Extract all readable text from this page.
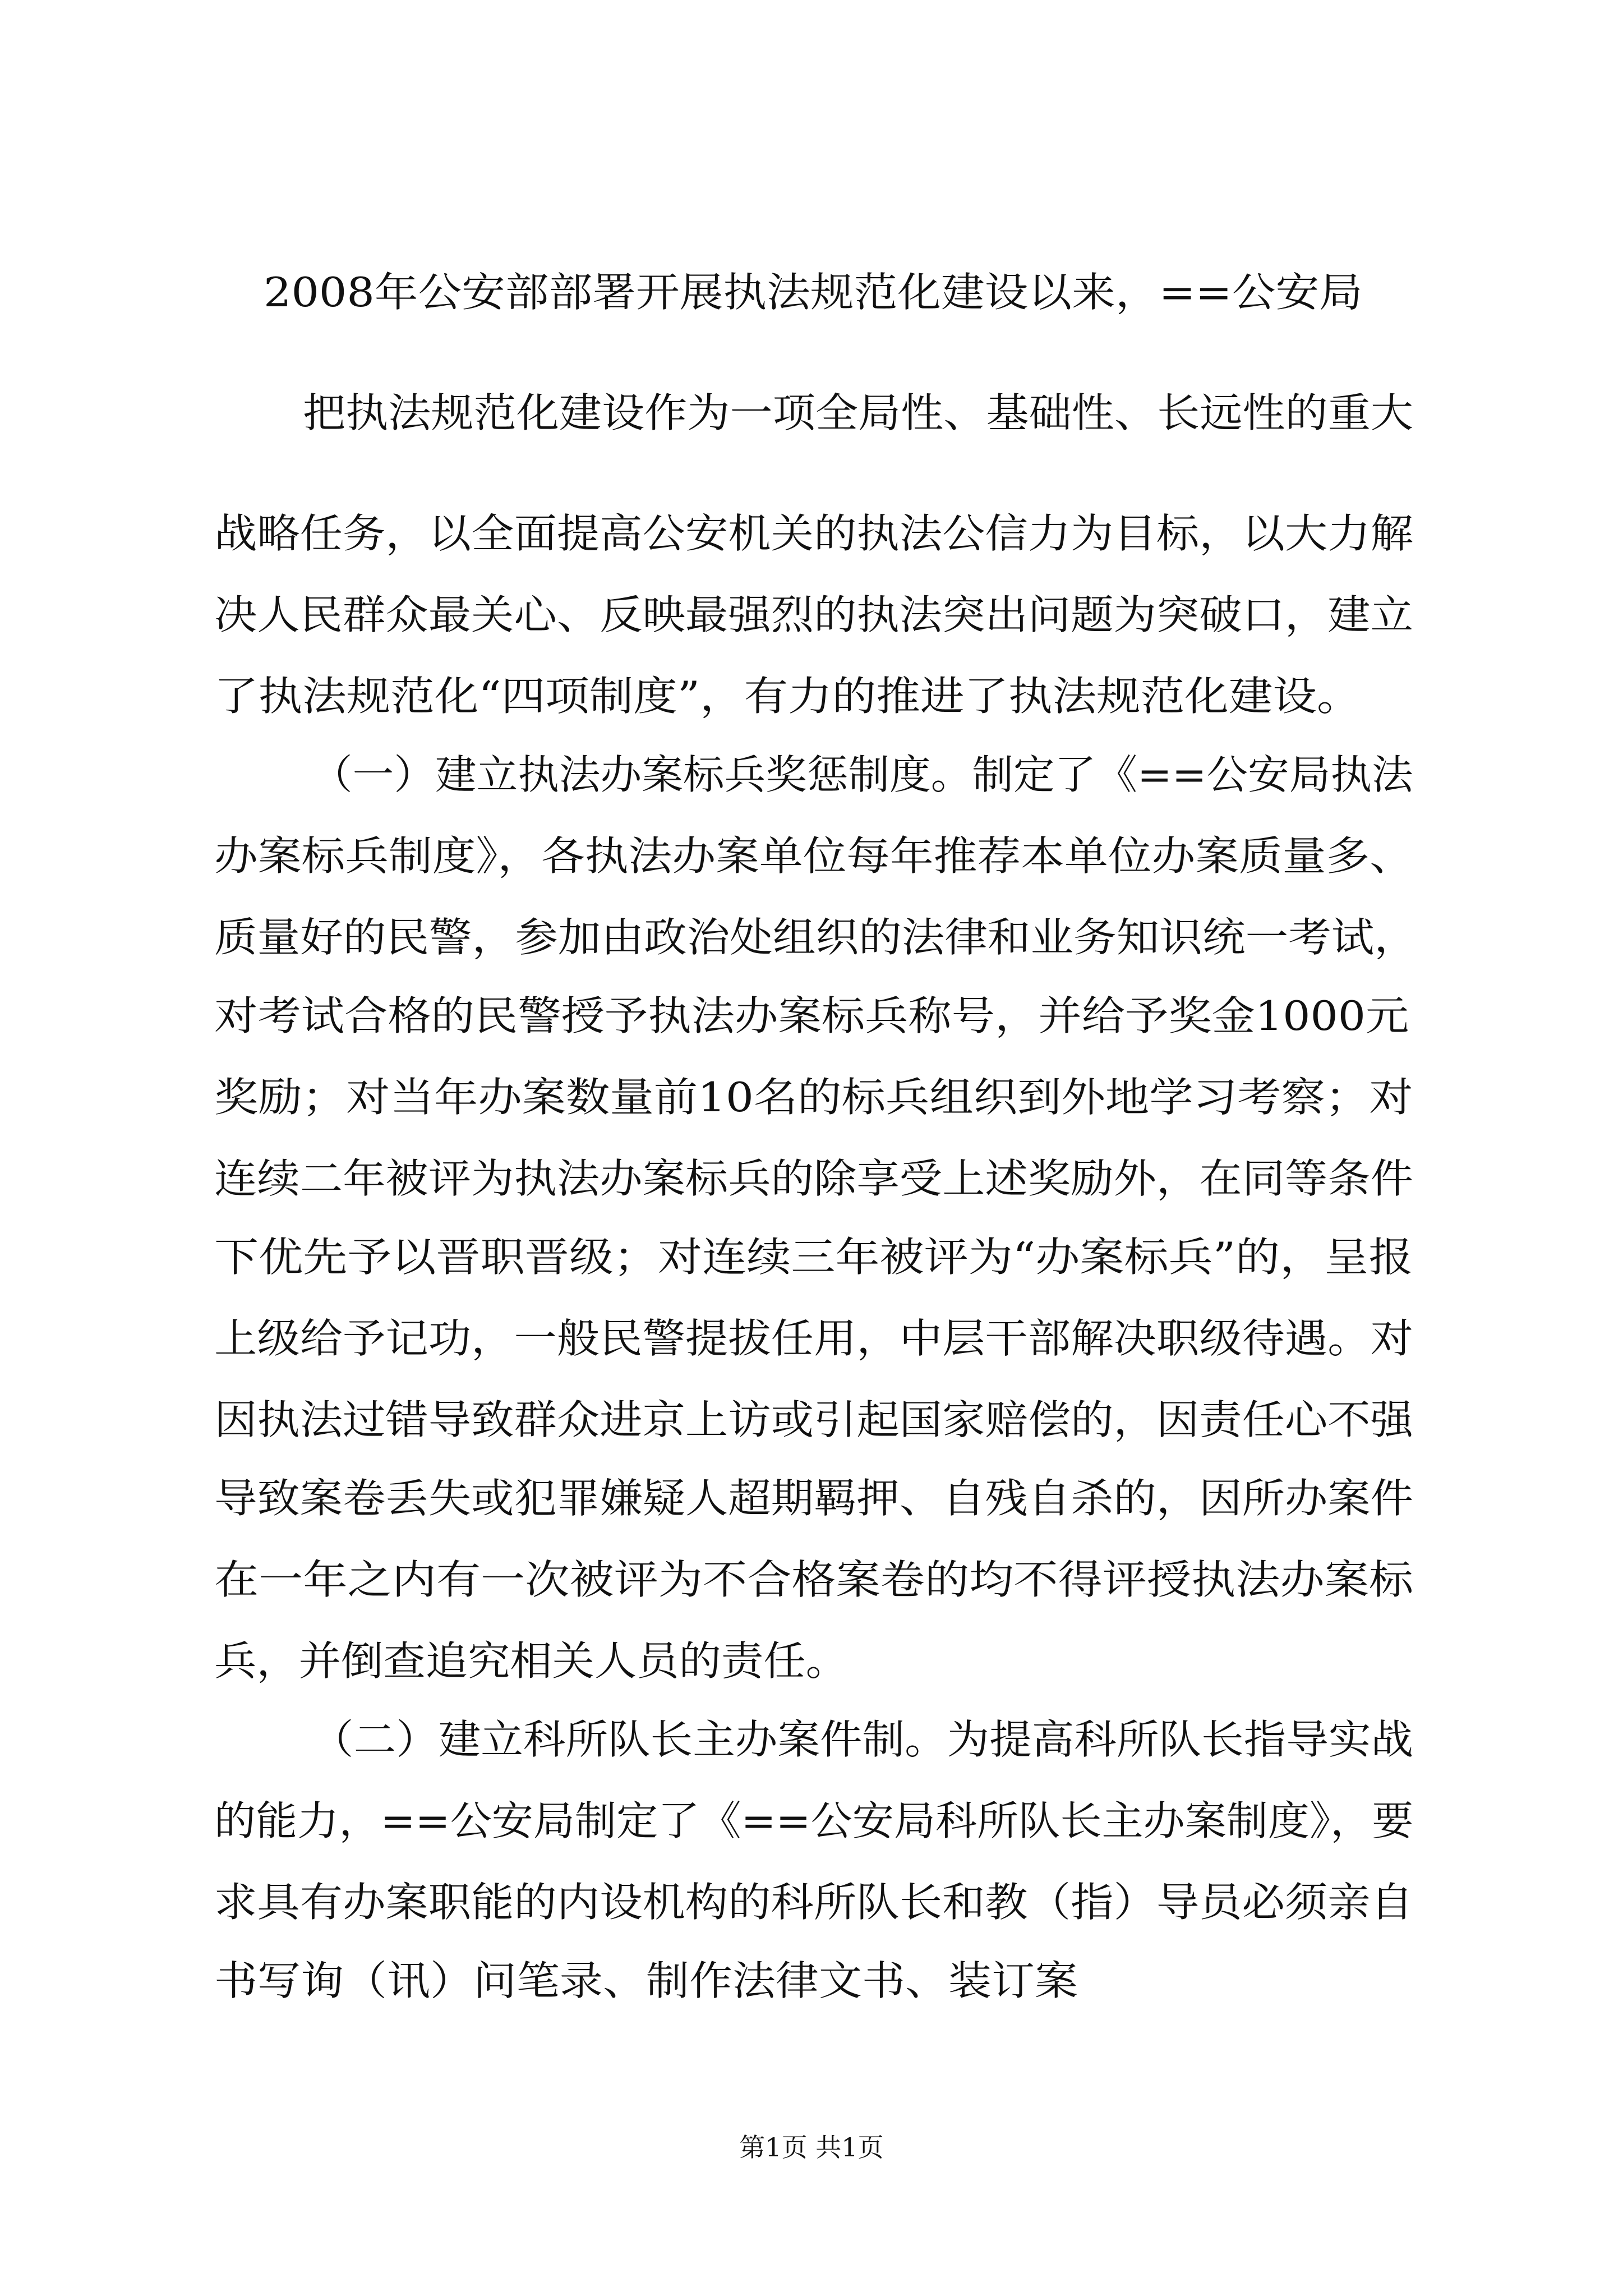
2008年公安部部署开展执法规范化建设以来，==公安局
把执法规范化建设作为一项全局性、基础性、长远性的重大
战略任务，以全面提高公安机关的执法公信力为目标，以大力解
决人民群众最关心、反映最强烈的执法突出问题为突破口，建立
了执法规范化“四项制度”，有力的推进了执法规范化建设。
（一）建立执法办案标兵奖惩制度。制定了《==公安局执法
办案标兵制度》，各执法办案单位每年推荐本单位办案质量多、
质量好的民警，参加由政治处组织的法律和业务知识统一考试，
对考试合格的民警授予执法办案标兵称号，并给予奖金1000元
奖励；对当年办案数量前10名的标兵组织到外地学习考察；对
连续二年被评为执法办案标兵的除享受上述奖励外，在同等条件
下优先予以晋职晋级；对连续三年被评为“办案标兵”的，呈报
上级给予记功，一般民警提拔任用，中层干部解决职级待遇。对
因执法过错导致群众进京上访或引起国家赔偿的，因责任心不强
导致案卷丢失或犯罪嫌疑人超期羁押、自残自杀的，因所办案件
在一年之内有一次被评为不合格案卷的均不得评授执法办案标
兵，并倒查追究相关人员的责任。
（二）建立科所队长主办案件制。为提高科所队长指导实战
的能力，==公安局制定了《==公安局科所队长主办案制度》，要
求具有办案职能的内设机构的科所队长和教（指）导员必须亲自
书写询（讯）问笔录、制作法律文书、装订案
第1页 共1页
